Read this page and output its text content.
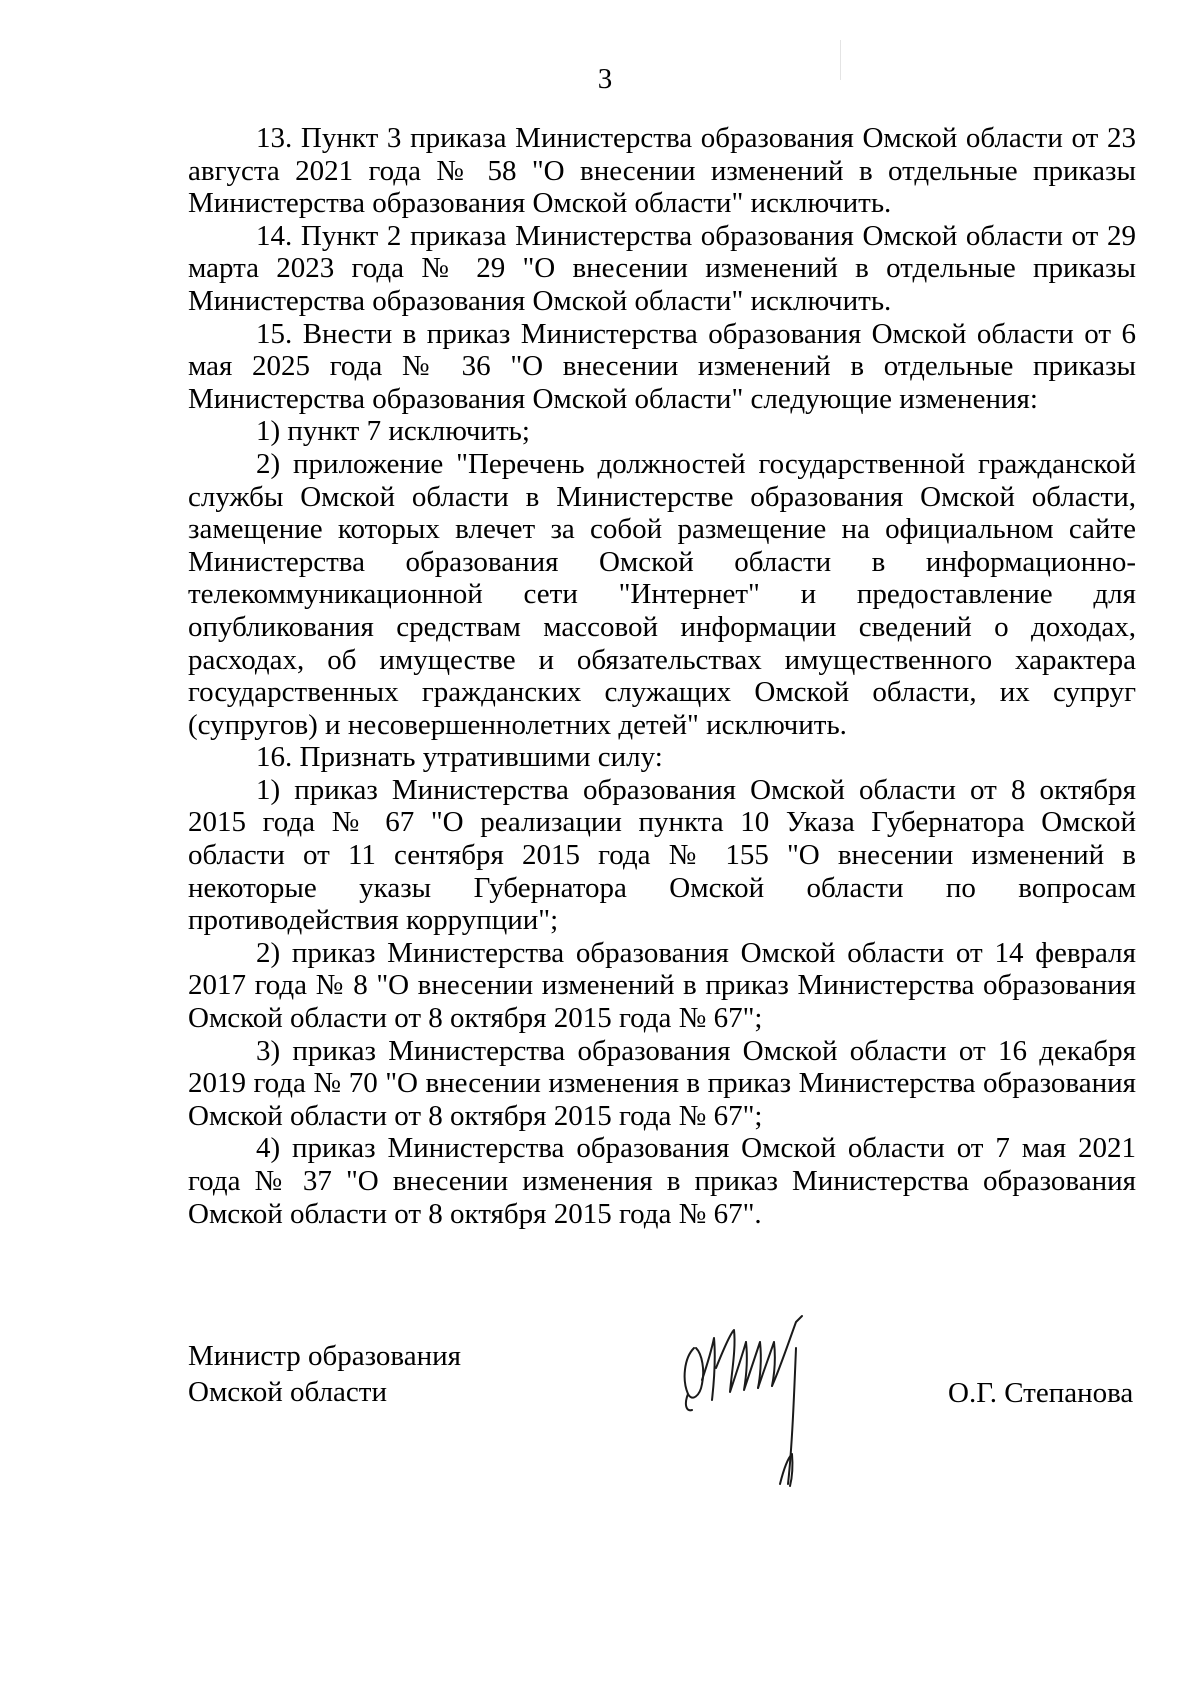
3

13. Пункт 3 приказа Министерства образования Омской области от 23 августа 2021 года № 58 "О внесении изменений в отдельные приказы Министерства образования Омской области" исключить.

14. Пункт 2 приказа Министерства образования Омской области от 29 марта 2023 года № 29 "О внесении изменений в отдельные приказы Министерства образования Омской области" исключить.

15. Внести в приказ Министерства образования Омской области от 6 мая 2025 года № 36 "О внесении изменений в отдельные приказы Министерства образования Омской области" следующие изменения:

1) пункт 7 исключить;

2) приложение "Перечень должностей государственной гражданской службы Омской области в Министерстве образования Омской области, замещение которых влечет за собой размещение на официальном сайте Министерства образования Омской области в информационно-телекоммуникационной сети "Интернет" и предоставление для опубликования средствам массовой информации сведений о доходах, расходах, об имуществе и обязательствах имущественного характера государственных гражданских служащих Омской области, их супруг (супругов) и несовершеннолетних детей" исключить.

16. Признать утратившими силу:

1) приказ Министерства образования Омской области от 8 октября 2015 года № 67 "О реализации пункта 10 Указа Губернатора Омской области от 11 сентября 2015 года № 155 "О внесении изменений в некоторые указы Губернатора Омской области по вопросам противодействия коррупции";

2) приказ Министерства образования Омской области от 14 февраля 2017 года № 8 "О внесении изменений в приказ Министерства образования Омской области от 8 октября 2015 года № 67";

3) приказ Министерства образования Омской области от 16 декабря 2019 года № 70 "О внесении изменения в приказ Министерства образования Омской области от 8 октября 2015 года № 67";

4) приказ Министерства образования Омской области от 7 мая 2021 года № 37 "О внесении изменения в приказ Министерства образования Омской области от 8 октября 2015 года № 67".

Министр образования
Омской области	О.Г. Степанова
